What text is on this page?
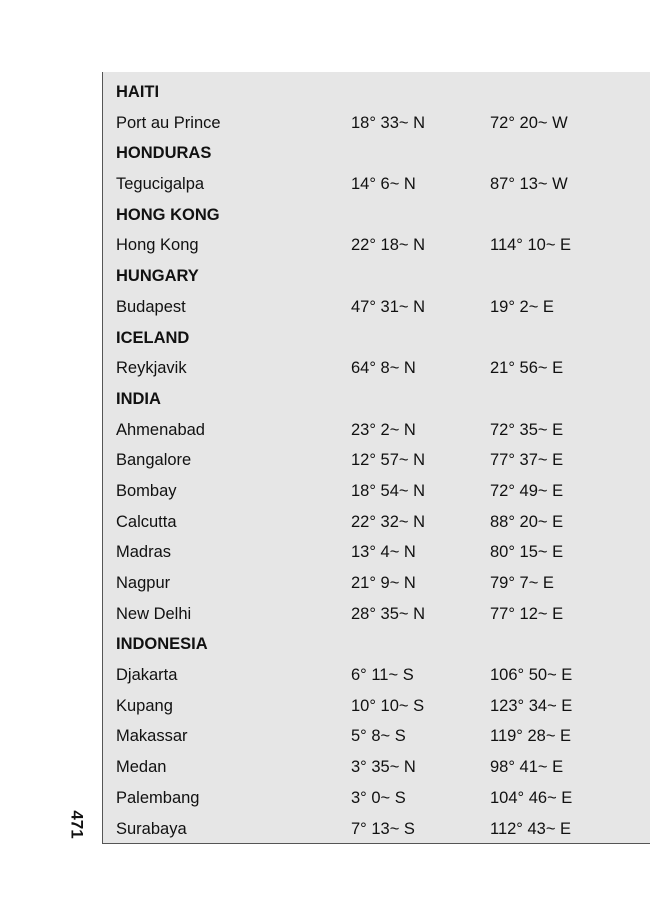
HAITI
Port au Prince	18° 33~ N	72° 20~ W
HONDURAS
Tegucigalpa	14° 6~ N	87° 13~ W
HONG KONG
Hong Kong	22° 18~ N	114° 10~ E
HUNGARY
Budapest	47° 31~ N	19° 2~ E
ICELAND
Reykjavik	64° 8~ N	21° 56~ E
INDIA
Ahmenabad	23° 2~ N	72° 35~ E
Bangalore	12° 57~ N	77° 37~ E
Bombay	18° 54~ N	72° 49~ E
Calcutta	22° 32~ N	88° 20~ E
Madras	13° 4~ N	80° 15~ E
Nagpur	21° 9~ N	79° 7~ E
New Delhi	28° 35~ N	77° 12~ E
INDONESIA
Djakarta	6° 11~ S	106° 50~ E
Kupang	10° 10~ S	123° 34~ E
Makassar	5° 8~ S	119° 28~ E
Medan	3° 35~ N	98° 41~ E
Palembang	3° 0~ S	104° 46~ E
Surabaya	7° 13~ S	112° 43~ E
471
